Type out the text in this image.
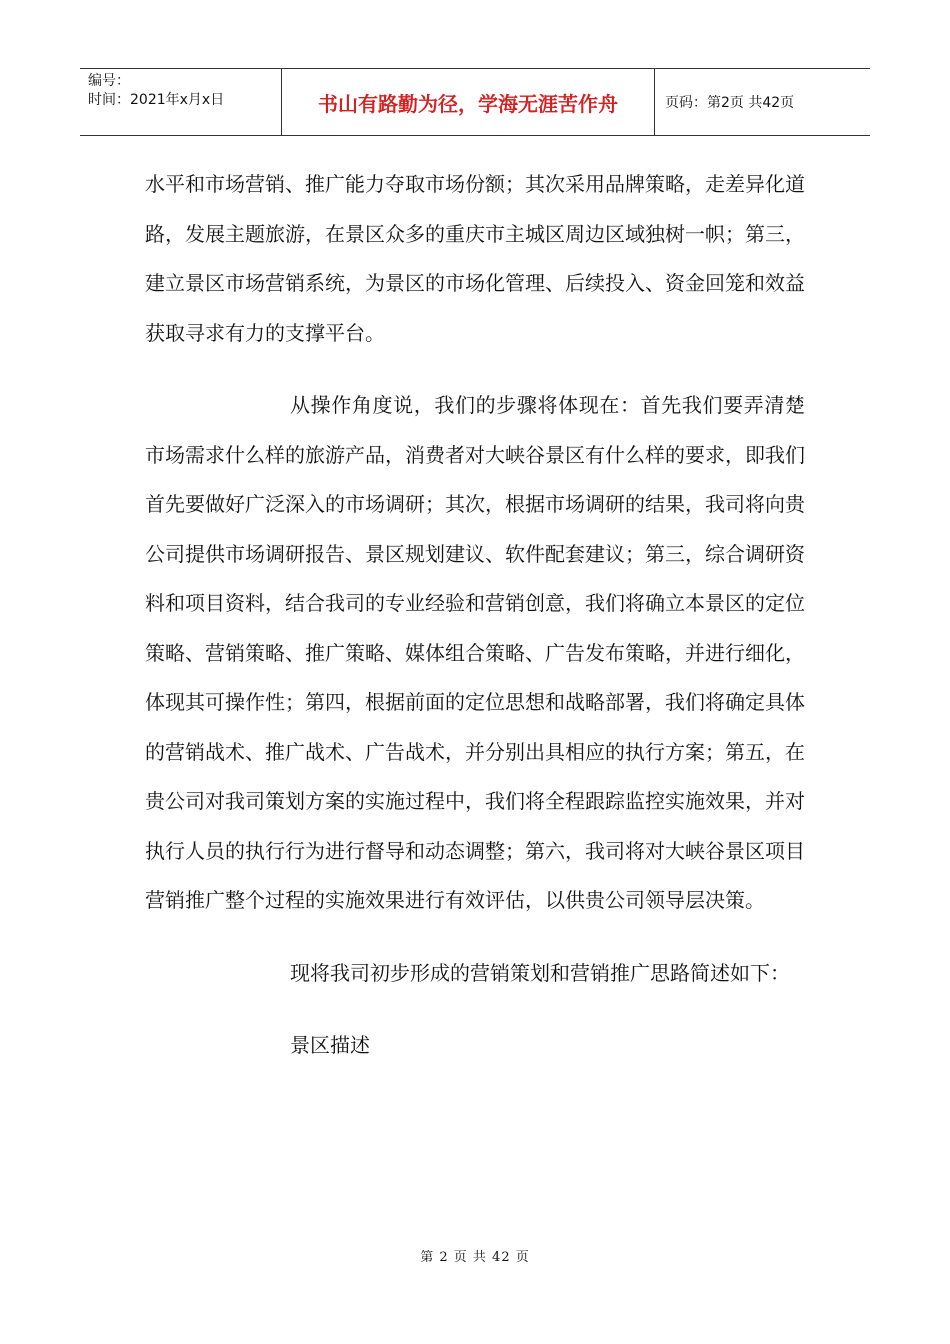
编号：
时间：2021年x月x日	书山有路勤为径，学海无涯苦作舟	页码：第2页 共42页

水平和市场营销、推广能力夺取市场份额；其次采用品牌策略，走差异化道路，发展主题旅游，在景区众多的重庆市主城区周边区域独树一帜；第三，建立景区市场营销系统，为景区的市场化管理、后续投入、资金回笼和效益获取寻求有力的支撑平台。

从操作角度说，我们的步骤将体现在：首先我们要弄清楚市场需求什么样的旅游产品，消费者对大峡谷景区有什么样的要求，即我们首先要做好广泛深入的市场调研；其次，根据市场调研的结果，我司将向贵公司提供市场调研报告、景区规划建议、软件配套建议；第三，综合调研资料和项目资料，结合我司的专业经验和营销创意，我们将确立本景区的定位策略、营销策略、推广策略、媒体组合策略、广告发布策略，并进行细化，体现其可操作性；第四，根据前面的定位思想和战略部署，我们将确定具体的营销战术、推广战术、广告战术，并分别出具相应的执行方案；第五，在贵公司对我司策划方案的实施过程中，我们将全程跟踪监控实施效果，并对执行人员的执行行为进行督导和动态调整；第六，我司将对大峡谷景区项目营销推广整个过程的实施效果进行有效评估，以供贵公司领导层决策。

现将我司初步形成的营销策划和营销推广思路简述如下：

景区描述

第 2 页 共 42 页
